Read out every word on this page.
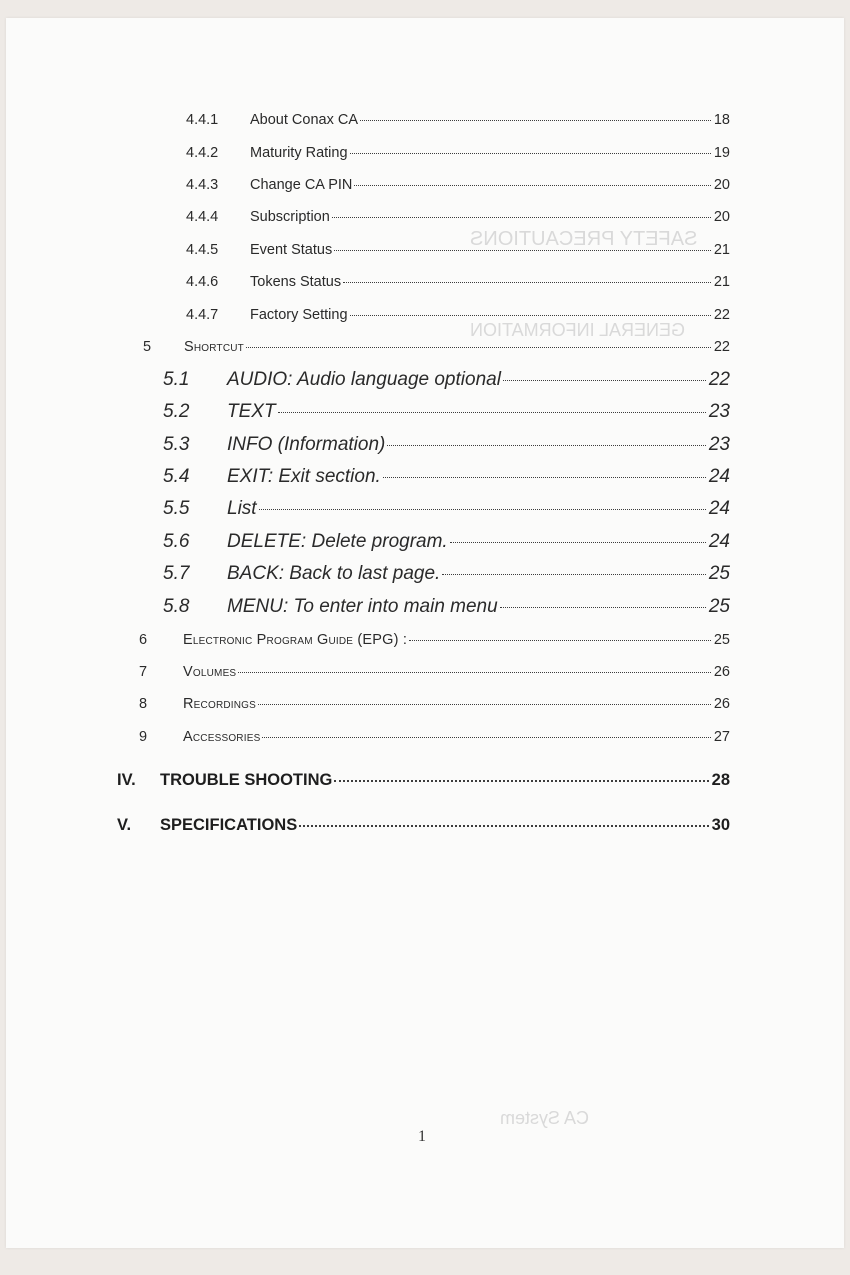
SAFETY PRECAUTIONS
GENERAL INFORMATION
CA System
4.4.1	About Conax CA	18
4.4.2	Maturity Rating	19
4.4.3	Change CA PIN	20
4.4.4	Subscription	20
4.4.5	Event Status	21
4.4.6	Tokens Status	21
4.4.7	Factory Setting	22
5	Shortcut	22
5.1	AUDIO: Audio language optional	22
5.2	TEXT	23
5.3	INFO (Information)	23
5.4	EXIT: Exit section.	24
5.5	List	24
5.6	DELETE: Delete program.	24
5.7	BACK: Back to last page.	25
5.8	MENU: To enter into main menu	25
6	Electronic Program Guide (EPG) :	25
7	Volumes	26
8	Recordings	26
9	Accessories	27
IV.	TROUBLE SHOOTING	28
V.	SPECIFICATIONS	30
1
